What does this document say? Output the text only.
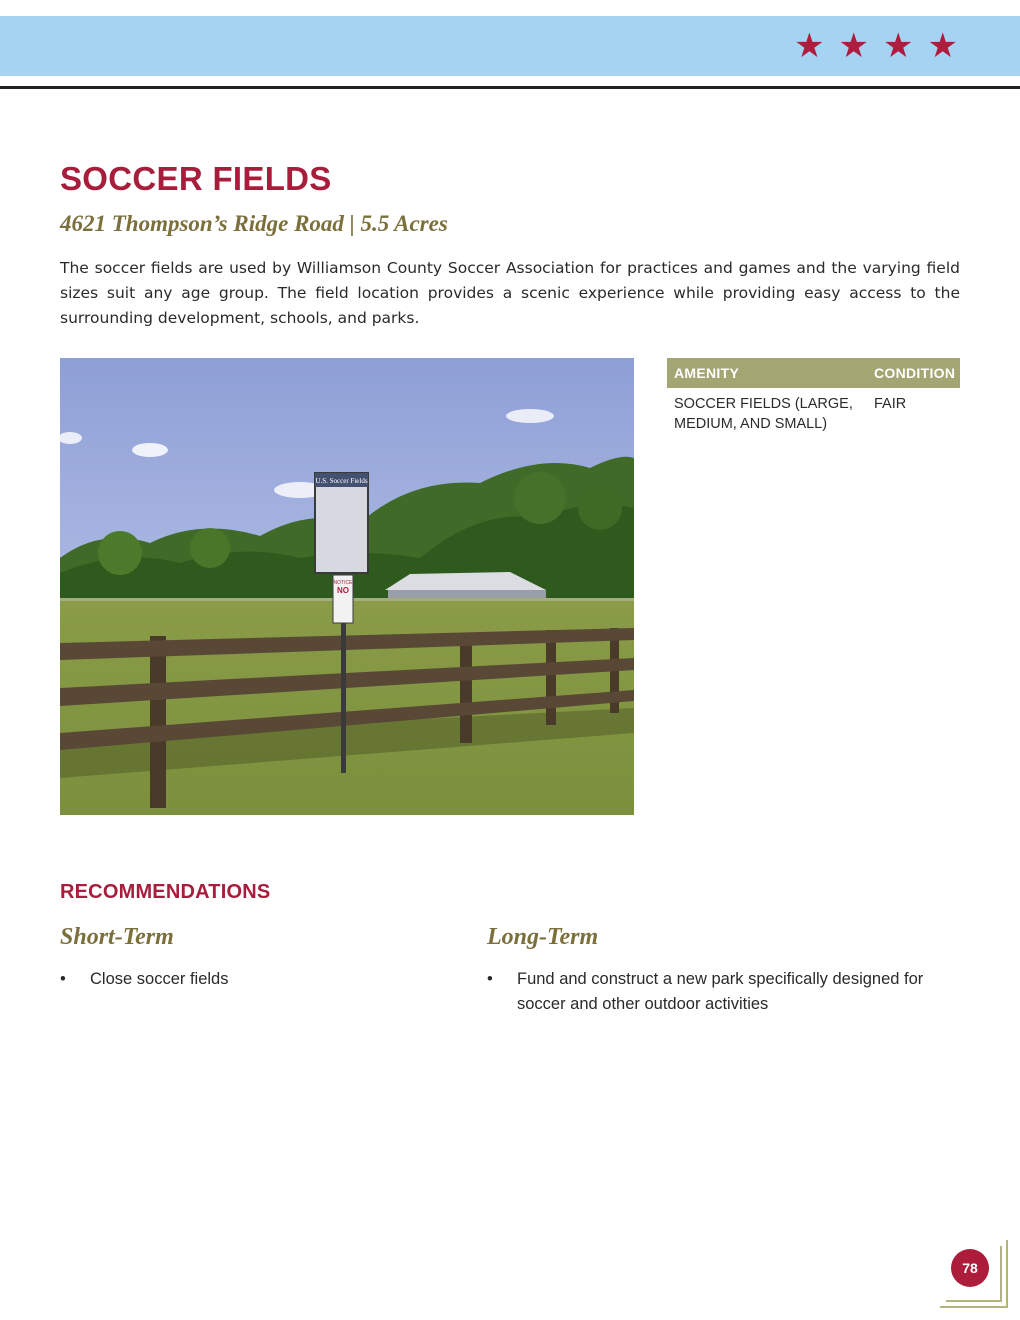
★ ★ ★ ★
SOCCER FIELDS
4621 Thompson’s Ridge Road | 5.5 Acres

The soccer fields are used by Williamson County Soccer Association for practices and games and the varying field sizes suit any age group. The field location provides a scenic experience while providing easy access to the surrounding development, schools, and parks.

U.S. Soccer Fields
NOTICE
NO
AMENITY	CONDITION
SOCCER FIELDS (LARGE, MEDIUM, AND SMALL)	FAIR
RECOMMENDATIONS
Short-Term
• Close soccer fields
Long-Term
• Fund and construct a new park specifically designed for soccer and other outdoor activities
78
